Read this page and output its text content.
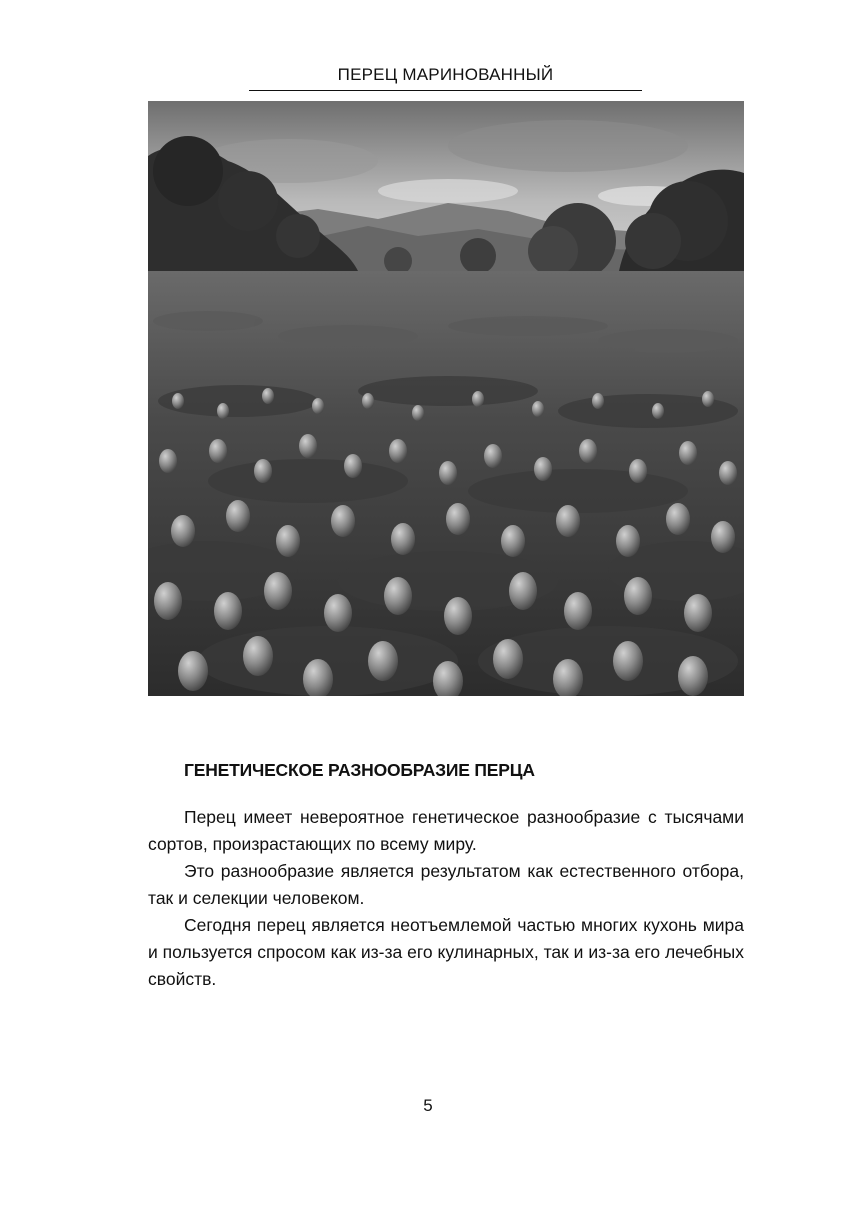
ПЕРЕЦ МАРИНОВАННЫЙ
ГЕНЕТИЧЕСКОЕ РАЗНООБРАЗИЕ ПЕРЦА

Перец имеет невероятное генетическое разнообразие с тысячами сортов, произрастающих по всему миру.

Это разнообразие является результатом как естественного отбора, так и селекции человеком.

Сегодня перец является неотъемлемой частью многих кухонь мира и пользуется спросом как из-за его кулинарных, так и из-за его лечебных свойств.

5
